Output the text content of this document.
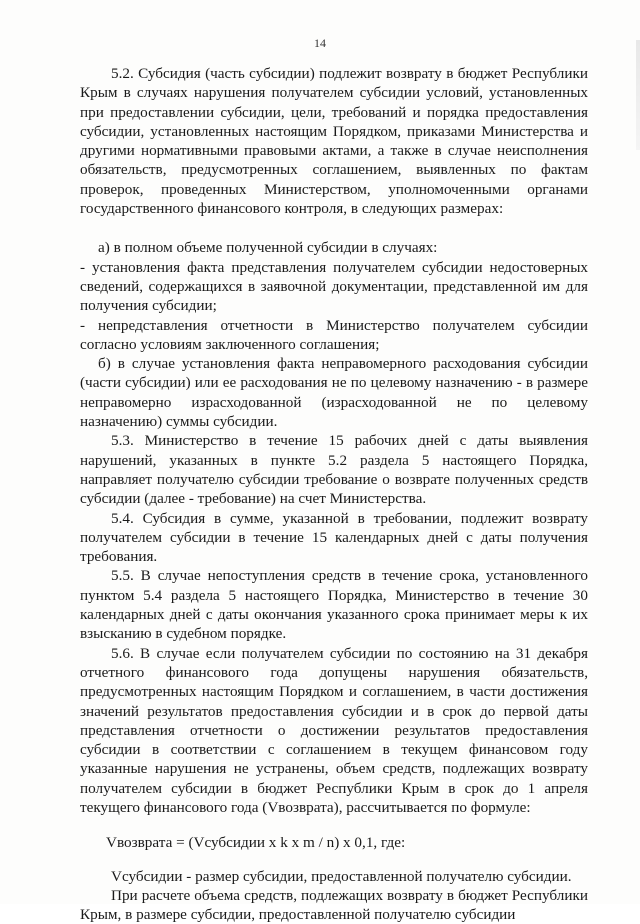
14

5.2. Субсидия (часть субсидии) подлежит возврату в бюджет Республики Крым в случаях нарушения получателем субсидии условий, установленных при предоставлении субсидии, цели, требований и порядка предоставления субсидии, установленных настоящим Порядком, приказами Министерства и другими нормативными правовыми актами, а также в случае неисполнения обязательств, предусмотренных соглашением, выявленных по фактам проверок, проведенных Министерством, уполномоченными органами государственного финансового контроля, в следующих размерах:

а) в полном объеме полученной субсидии в случаях:

- установления факта представления получателем субсидии недостоверных сведений, содержащихся в заявочной документации, представленной им для получения субсидии;

- непредставления отчетности в Министерство получателем субсидии согласно условиям заключенного соглашения;

б) в случае установления факта неправомерного расходования субсидии (части субсидии) или ее расходования не по целевому назначению - в размере неправомерно израсходованной (израсходованной не по целевому назначению) суммы субсидии.

5.3. Министерство в течение 15 рабочих дней с даты выявления нарушений, указанных в пункте 5.2 раздела 5 настоящего Порядка, направляет получателю субсидии требование о возврате полученных средств субсидии (далее - требование) на счет Министерства.

5.4. Субсидия в сумме, указанной в требовании, подлежит возврату получателем субсидии в течение 15 календарных дней с даты получения требования.

5.5. В случае непоступления средств в течение срока, установленного пунктом 5.4 раздела 5 настоящего Порядка, Министерство в течение 30 календарных дней с даты окончания указанного срока принимает меры к их взысканию в судебном порядке.

5.6. В случае если получателем субсидии по состоянию на 31 декабря отчетного финансового года допущены нарушения обязательств, предусмотренных настоящим Порядком и соглашением, в части достижения значений результатов предоставления субсидии и в срок до первой даты представления отчетности о достижении результатов предоставления субсидии в соответствии с соглашением в текущем финансовом году указанные нарушения не устранены, объем средств, подлежащих возврату получателем субсидии в бюджет Республики Крым в срок до 1 апреля текущего финансового года (Vвозврата), рассчитывается по формуле:

Vвозврата = (Vсубсидии x k x m / n) x 0,1, где:

Vсубсидии - размер субсидии, предоставленной получателю субсидии.

При расчете объема средств, подлежащих возврату в бюджет Республики Крым, в размере субсидии, предоставленной получателю субсидии
